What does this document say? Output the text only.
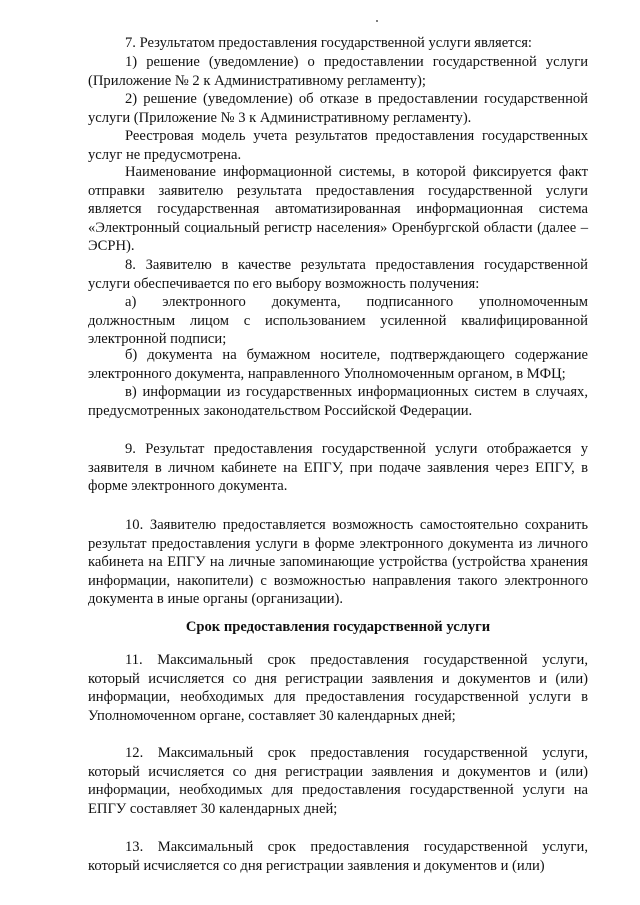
7. Результатом предоставления государственной услуги является:

1) решение (уведомление) о предоставлении государственной услуги (Приложение № 2 к Административному регламенту);

2) решение (уведомление) об отказе в предоставлении государственной услуги (Приложение № 3 к Административному регламенту).

Реестровая модель учета результатов предоставления государственных услуг не предусмотрена.

Наименование информационной системы, в которой фиксируется факт отправки заявителю результата предоставления государственной услуги является государственная автоматизированная информационная система «Электронный социальный регистр населения» Оренбургской области (далее – ЭСРН).

8. Заявителю в качестве результата предоставления государственной услуги обеспечивается по его выбору возможность получения:

а) электронного документа, подписанного уполномоченным должностным лицом с использованием усиленной квалифицированной электронной подписи;

б) документа на бумажном носителе, подтверждающего содержание электронного документа, направленного Уполномоченным органом, в МФЦ;

в) информации из государственных информационных систем в случаях, предусмотренных законодательством Российской Федерации.

9. Результат предоставления государственной услуги отображается у заявителя в личном кабинете на ЕПГУ, при подаче заявления через ЕПГУ, в форме электронного документа.

10. Заявителю предоставляется возможность самостоятельно сохранить результат предоставления услуги в форме электронного документа из личного кабинета на ЕПГУ на личные запоминающие устройства (устройства хранения информации, накопители) с возможностью направления такого электронного документа в иные органы (организации).

Срок предоставления государственной услуги

11. Максимальный срок предоставления государственной услуги, который исчисляется со дня регистрации заявления и документов и (или) информации, необходимых для предоставления государственной услуги в Уполномоченном органе, составляет 30 календарных дней;

12. Максимальный срок предоставления государственной услуги, который исчисляется со дня регистрации заявления и документов и (или) информации, необходимых для предоставления государственной услуги на ЕПГУ составляет 30 календарных дней;

13. Максимальный срок предоставления государственной услуги, который исчисляется со дня регистрации заявления и документов и (или)
